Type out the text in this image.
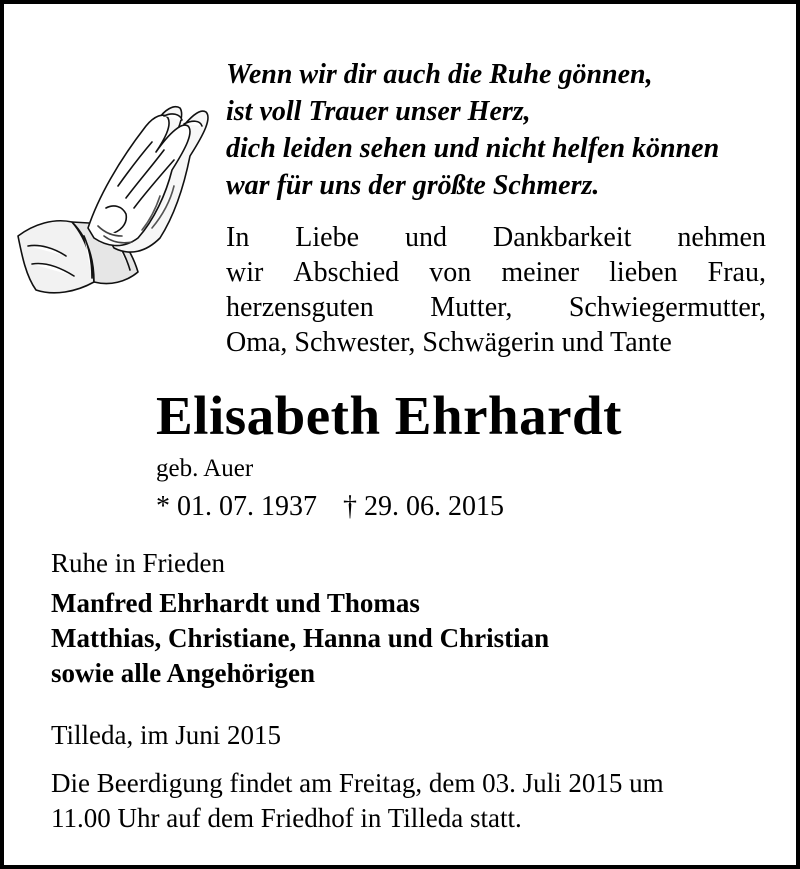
Wenn wir dir auch die Ruhe gönnen,
ist voll Trauer unser Herz,
dich leiden sehen und nicht helfen können
war für uns der größte Schmerz.
In Liebe und Dankbarkeit nehmen
wir Abschied von meiner lieben Frau,
herzensguten Mutter, Schwiegermutter,
Oma, Schwester, Schwägerin und Tante
Elisabeth Ehrhardt
geb. Auer
* 01. 07. 1937 † 29. 06. 2015
Ruhe in Frieden
Manfred Ehrhardt und Thomas
Matthias, Christiane, Hanna und Christian
sowie alle Angehörigen
Tilleda, im Juni 2015
Die Beerdigung findet am Freitag, dem 03. Juli 2015 um
11.00 Uhr auf dem Friedhof in Tilleda statt.
